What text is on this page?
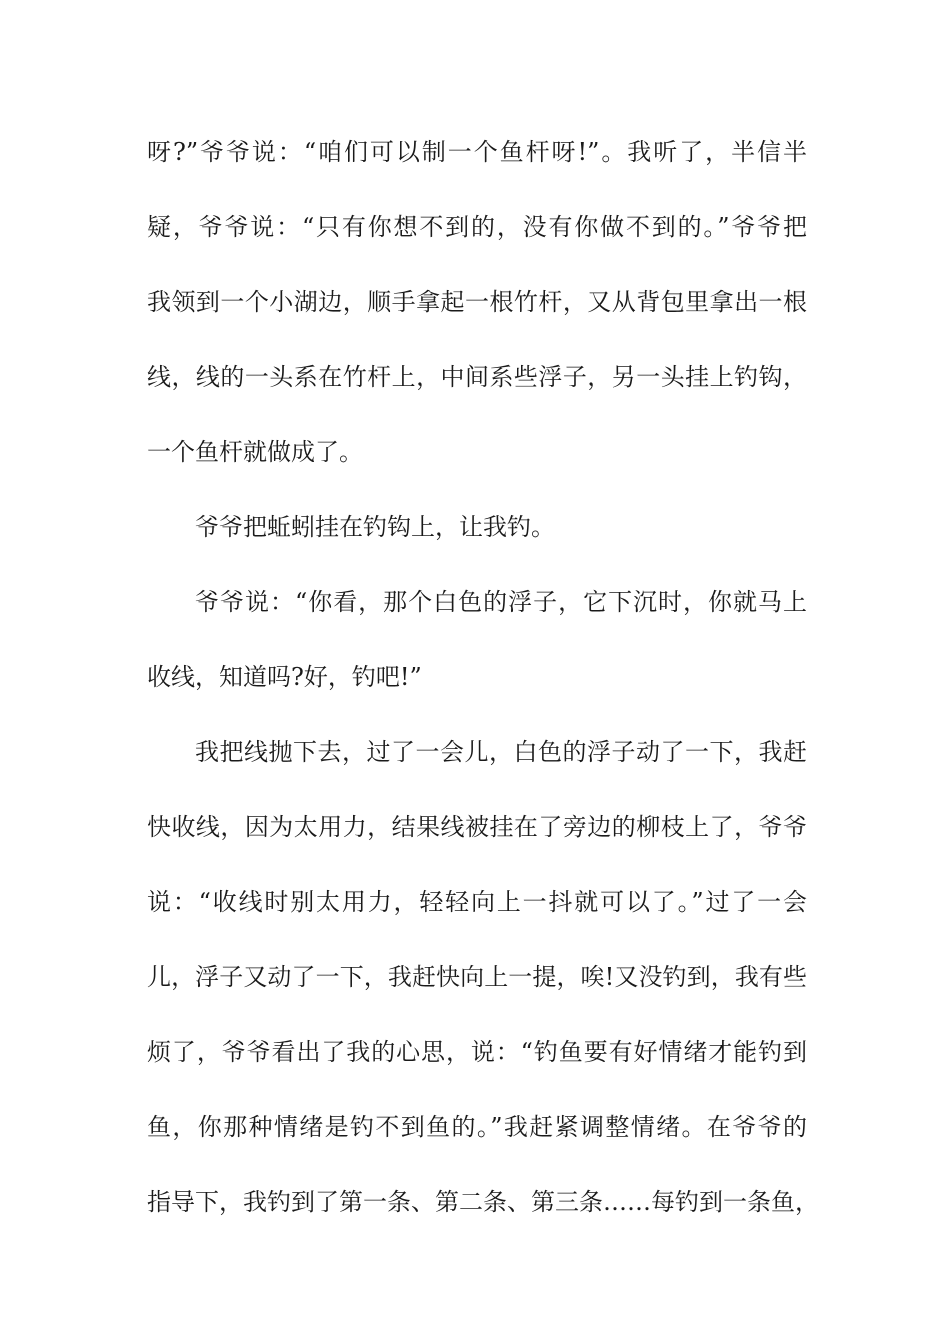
呀?”爷爷说：“咱们可以制一个鱼杆呀!”。我听了，半信半
疑，爷爷说：“只有你想不到的，没有你做不到的。”爷爷把
我领到一个小湖边，顺手拿起一根竹杆，又从背包里拿出一根
线，线的一头系在竹杆上，中间系些浮子，另一头挂上钓钩，
一个鱼杆就做成了。
爷爷把蚯蚓挂在钓钩上，让我钓。
爷爷说：“你看，那个白色的浮子，它下沉时，你就马上
收线，知道吗?好，钓吧!”
我把线抛下去，过了一会儿，白色的浮子动了一下，我赶
快收线，因为太用力，结果线被挂在了旁边的柳枝上了，爷爷
说：“收线时别太用力，轻轻向上一抖就可以了。”过了一会
儿，浮子又动了一下，我赶快向上一提，唉!又没钓到，我有些
烦了，爷爷看出了我的心思，说：“钓鱼要有好情绪才能钓到
鱼，你那种情绪是钓不到鱼的。”我赶紧调整情绪。在爷爷的
指导下，我钓到了第一条、第二条、第三条……每钓到一条鱼，
